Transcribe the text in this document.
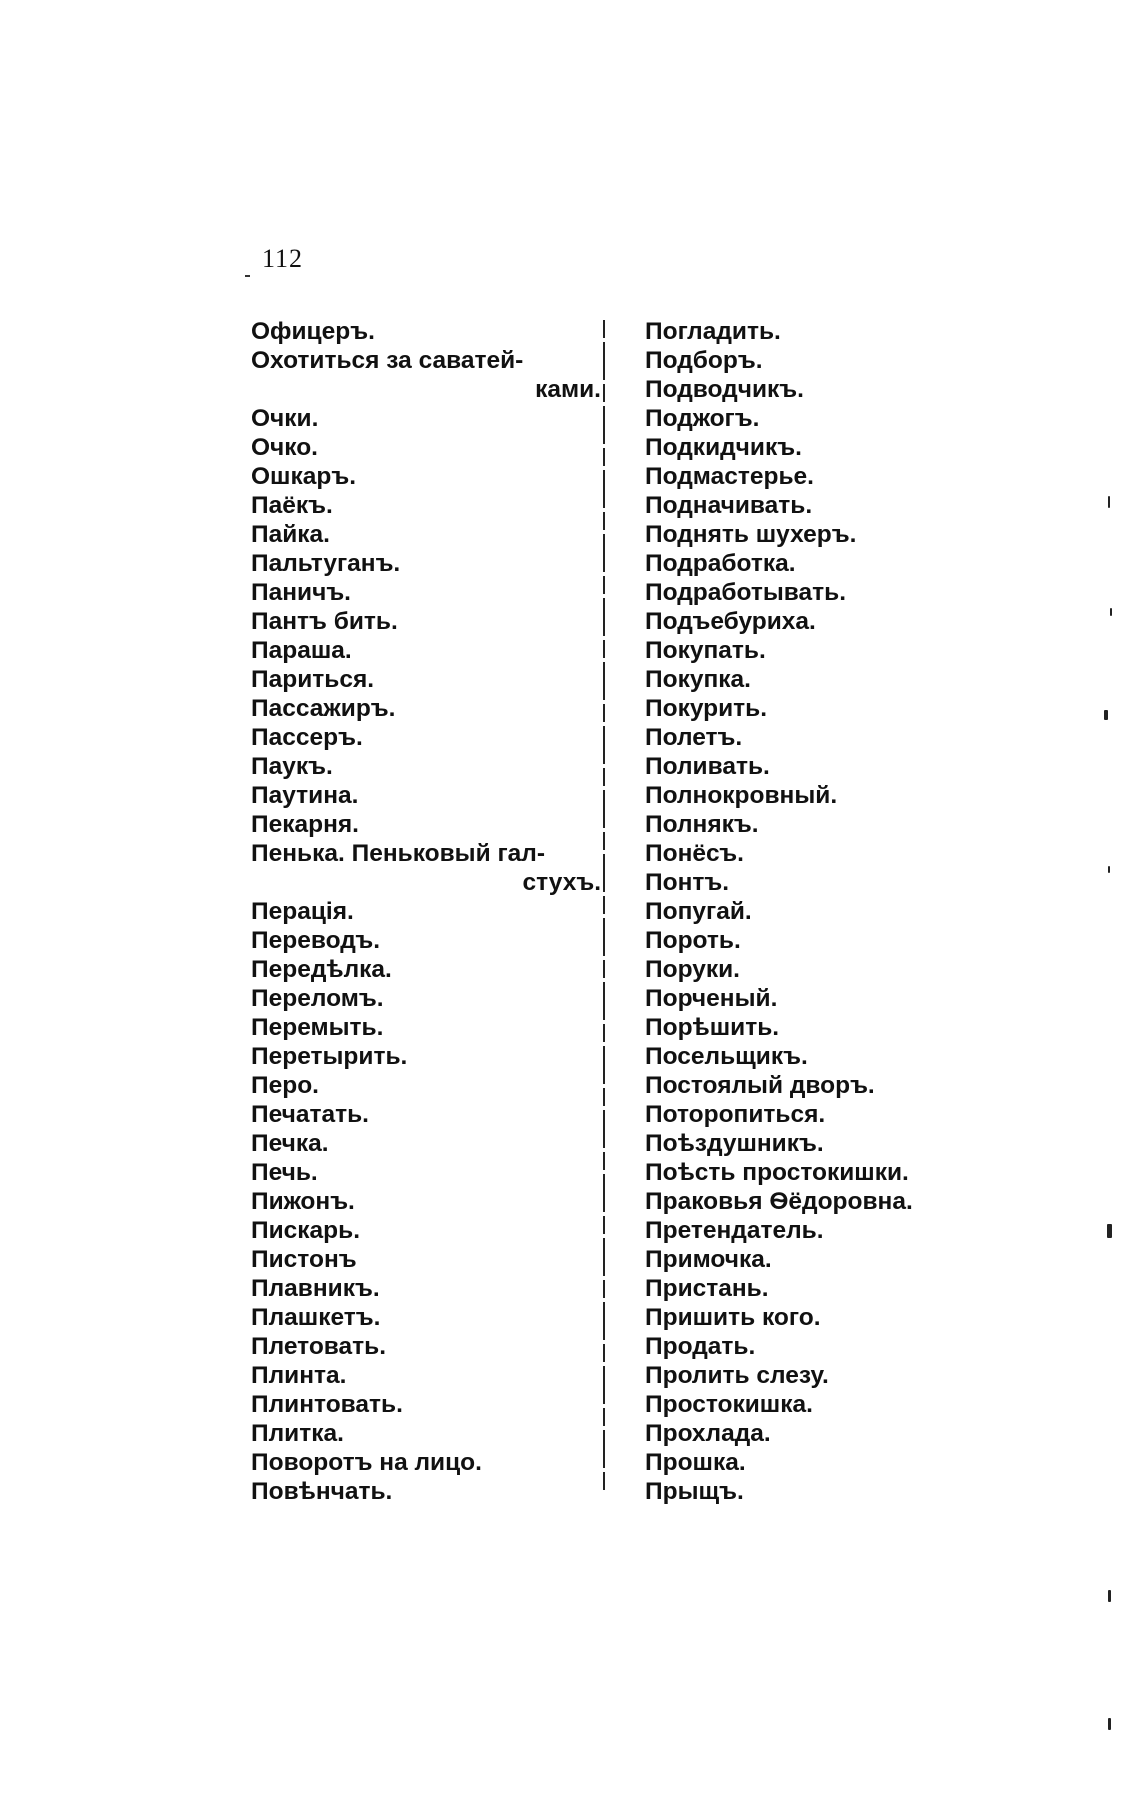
112
Офицеръ.
Охотиться за саватей-
ками.
Очки.
Очко.
Ошкаръ.
Паёкъ.
Пайка.
Пальтуганъ.
Паничъ.
Пантъ бить.
Параша.
Париться.
Пассажиръ.
Пассеръ.
Паукъ.
Паутина.
Пекарня.
Пенька. Пеньковый гал-
стухъ.
Перація.
Переводъ.
Передѣлка.
Переломъ.
Перемыть.
Перетырить.
Перо.
Печатать.
Печка.
Печь.
Пижонъ.
Пискарь.
Пистонъ
Плавникъ.
Плашкетъ.
Плетовать.
Плинта.
Плинтовать.
Плитка.
Поворотъ на лицо.
Повѣнчать.
Погладить.
Подборъ.
Подводчикъ.
Поджогъ.
Подкидчикъ.
Подмастерье.
Подначивать.
Поднять шухеръ.
Подработка.
Подработывать.
Подъебуриха.
Покупать.
Покупка.
Покурить.
Полетъ.
Поливать.
Полнокровный.
Полнякъ.
Понёсъ.
Понтъ.
Попугай.
Пороть.
Поруки.
Порченый.
Порѣшить.
Посельщикъ.
Постоялый дворъ.
Поторопиться.
Поѣздушникъ.
Поѣсть простокишки.
Праковья Ѳёдоровна.
Претендатель.
Примочка.
Пристань.
Пришить кого.
Продать.
Пролить слезу.
Простокишка.
Прохлада.
Прошка.
Прыщъ.
